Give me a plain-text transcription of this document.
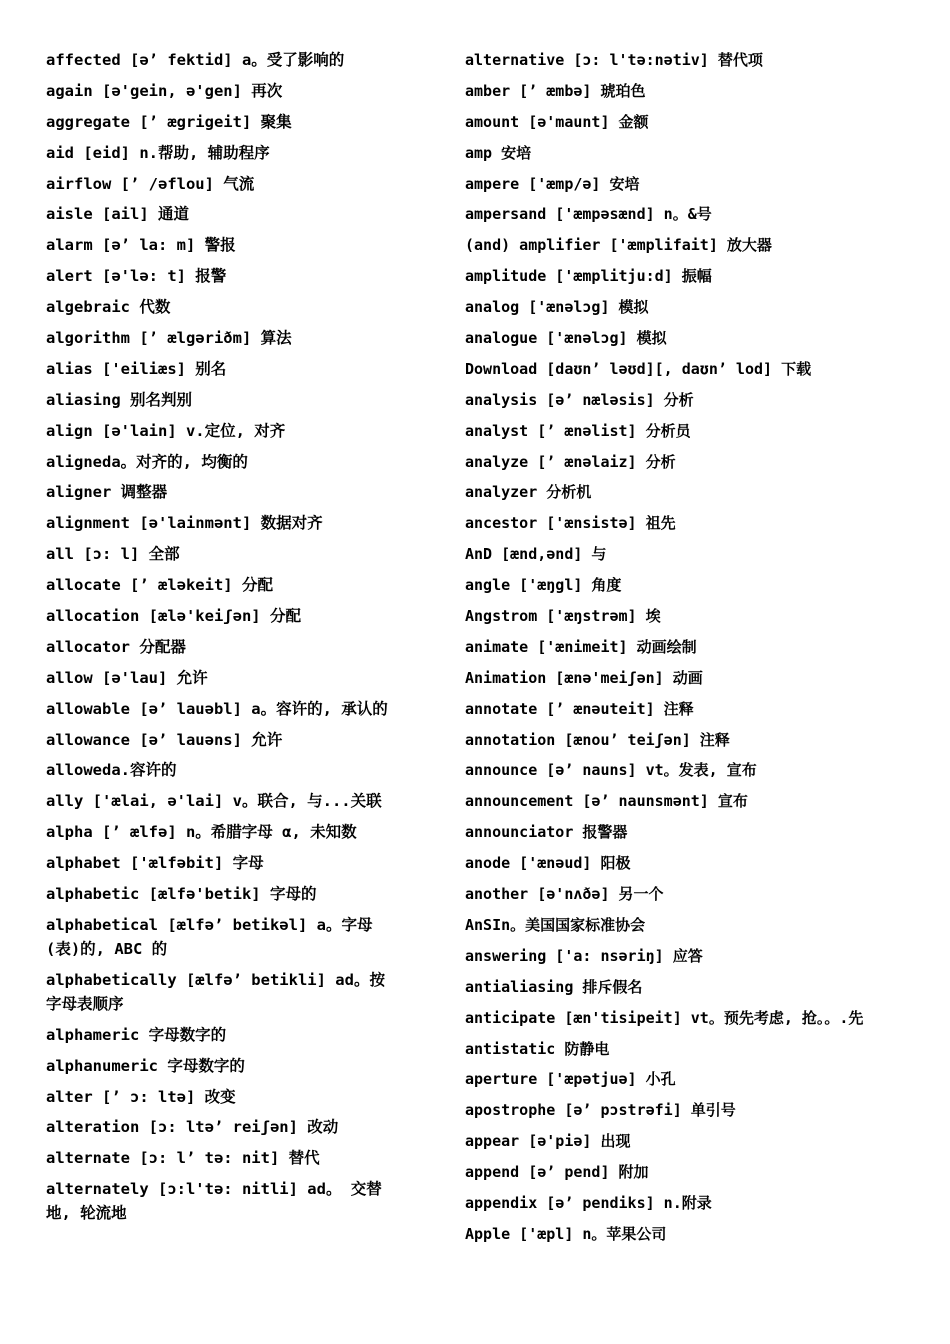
affected [ə’ fektid] a。受了影响的
again [ə'gein, ə'gen] 再次
aggregate [’ ægrigeit] 聚集
aid [eid] n.帮助, 辅助程序
airflow [’ /əflou] 气流
aisle [ail] 通道
alarm [ə’ la: m] 警报
alert [ə'lə: t] 报警
algebraic 代数
algorithm [’ ælgəriðm] 算法
alias ['eiliæs] 别名
aliasing 别名判别
align [ə'lain] v.定位, 对齐
aligneda。对齐的, 均衡的
aligner 调整器
alignment [ə'lainmənt] 数据对齐
all [ɔ: l] 全部
allocate [’ æləkeit] 分配
allocation [ælə'keiʃən] 分配
allocator 分配器
allow [ə'lau] 允许
allowable [ə’ lauəbl] a。容许的, 承认的
allowance [ə’ lauəns] 允许
alloweda.容许的
ally ['ælai, ə'lai] v。联合, 与...关联
alpha [’ ælfə] n。希腊字母 α, 未知数
alphabet ['ælfəbit] 字母
alphabetic [ælfə'betik] 字母的
alphabetical [ælfə’ betikəl] a。字母(表)的, ABC 的
alphabetically [ælfə’ betikli] ad。按字母表顺序
alphameric 字母数字的
alphanumeric 字母数字的
alter [’ ɔ: ltə] 改变
alteration [ɔ: ltə’ reiʃən] 改动
alternate [ɔ: l’ tə: nit] 替代
alternately [ɔ:l'tə: nitli] ad。 交替地, 轮流地
alternative [ɔ: l'tə:nətiv] 替代项
amber [’ æmbə] 琥珀色
amount [ə'maunt] 金额
amp 安培
ampere ['æmp/ə] 安培
ampersand ['æmpəsænd] n。&号
(and) amplifier ['æmplifait] 放大器
amplitude ['æmplitju:d] 振幅
analog ['ænəlɔg] 模拟
analogue ['ænəlɔg] 模拟
Download [daʊn’ ləʊd][, daʊn’ lod] 下载
analysis [ə’ næləsis] 分析
analyst [’ ænəlist] 分析员
analyze [’ ænəlaiz] 分析
analyzer 分析机
ancestor ['ænsistə] 祖先
AnD [ænd,ənd] 与
angle ['æŋgl] 角度
Angstrom ['æŋstrəm] 埃
animate ['ænimeit] 动画绘制
Animation [ænə'meiʃən] 动画
annotate [’ ænəuteit] 注释
annotation [ænou’ teiʃən] 注释
announce [ə’ nauns] vt。发表, 宣布
announcement [ə’ naunsmənt] 宣布
announciator 报警器
anode ['ænəud] 阳极
another [ə'nʌðə] 另一个
AnSIn。美国国家标准协会
answering ['a: nsəriŋ] 应答
antialiasing 排斥假名
anticipate [æn'tisipeit] vt。预先考虑, 抢。。.先
antistatic 防静电
aperture ['æpətjuə] 小孔
apostrophe [ə’ pɔstrəfi] 单引号
appear [ə'piə] 出现
append [ə’ pend] 附加
appendix [ə’ pendiks] n.附录
Apple ['æpl] n。苹果公司
